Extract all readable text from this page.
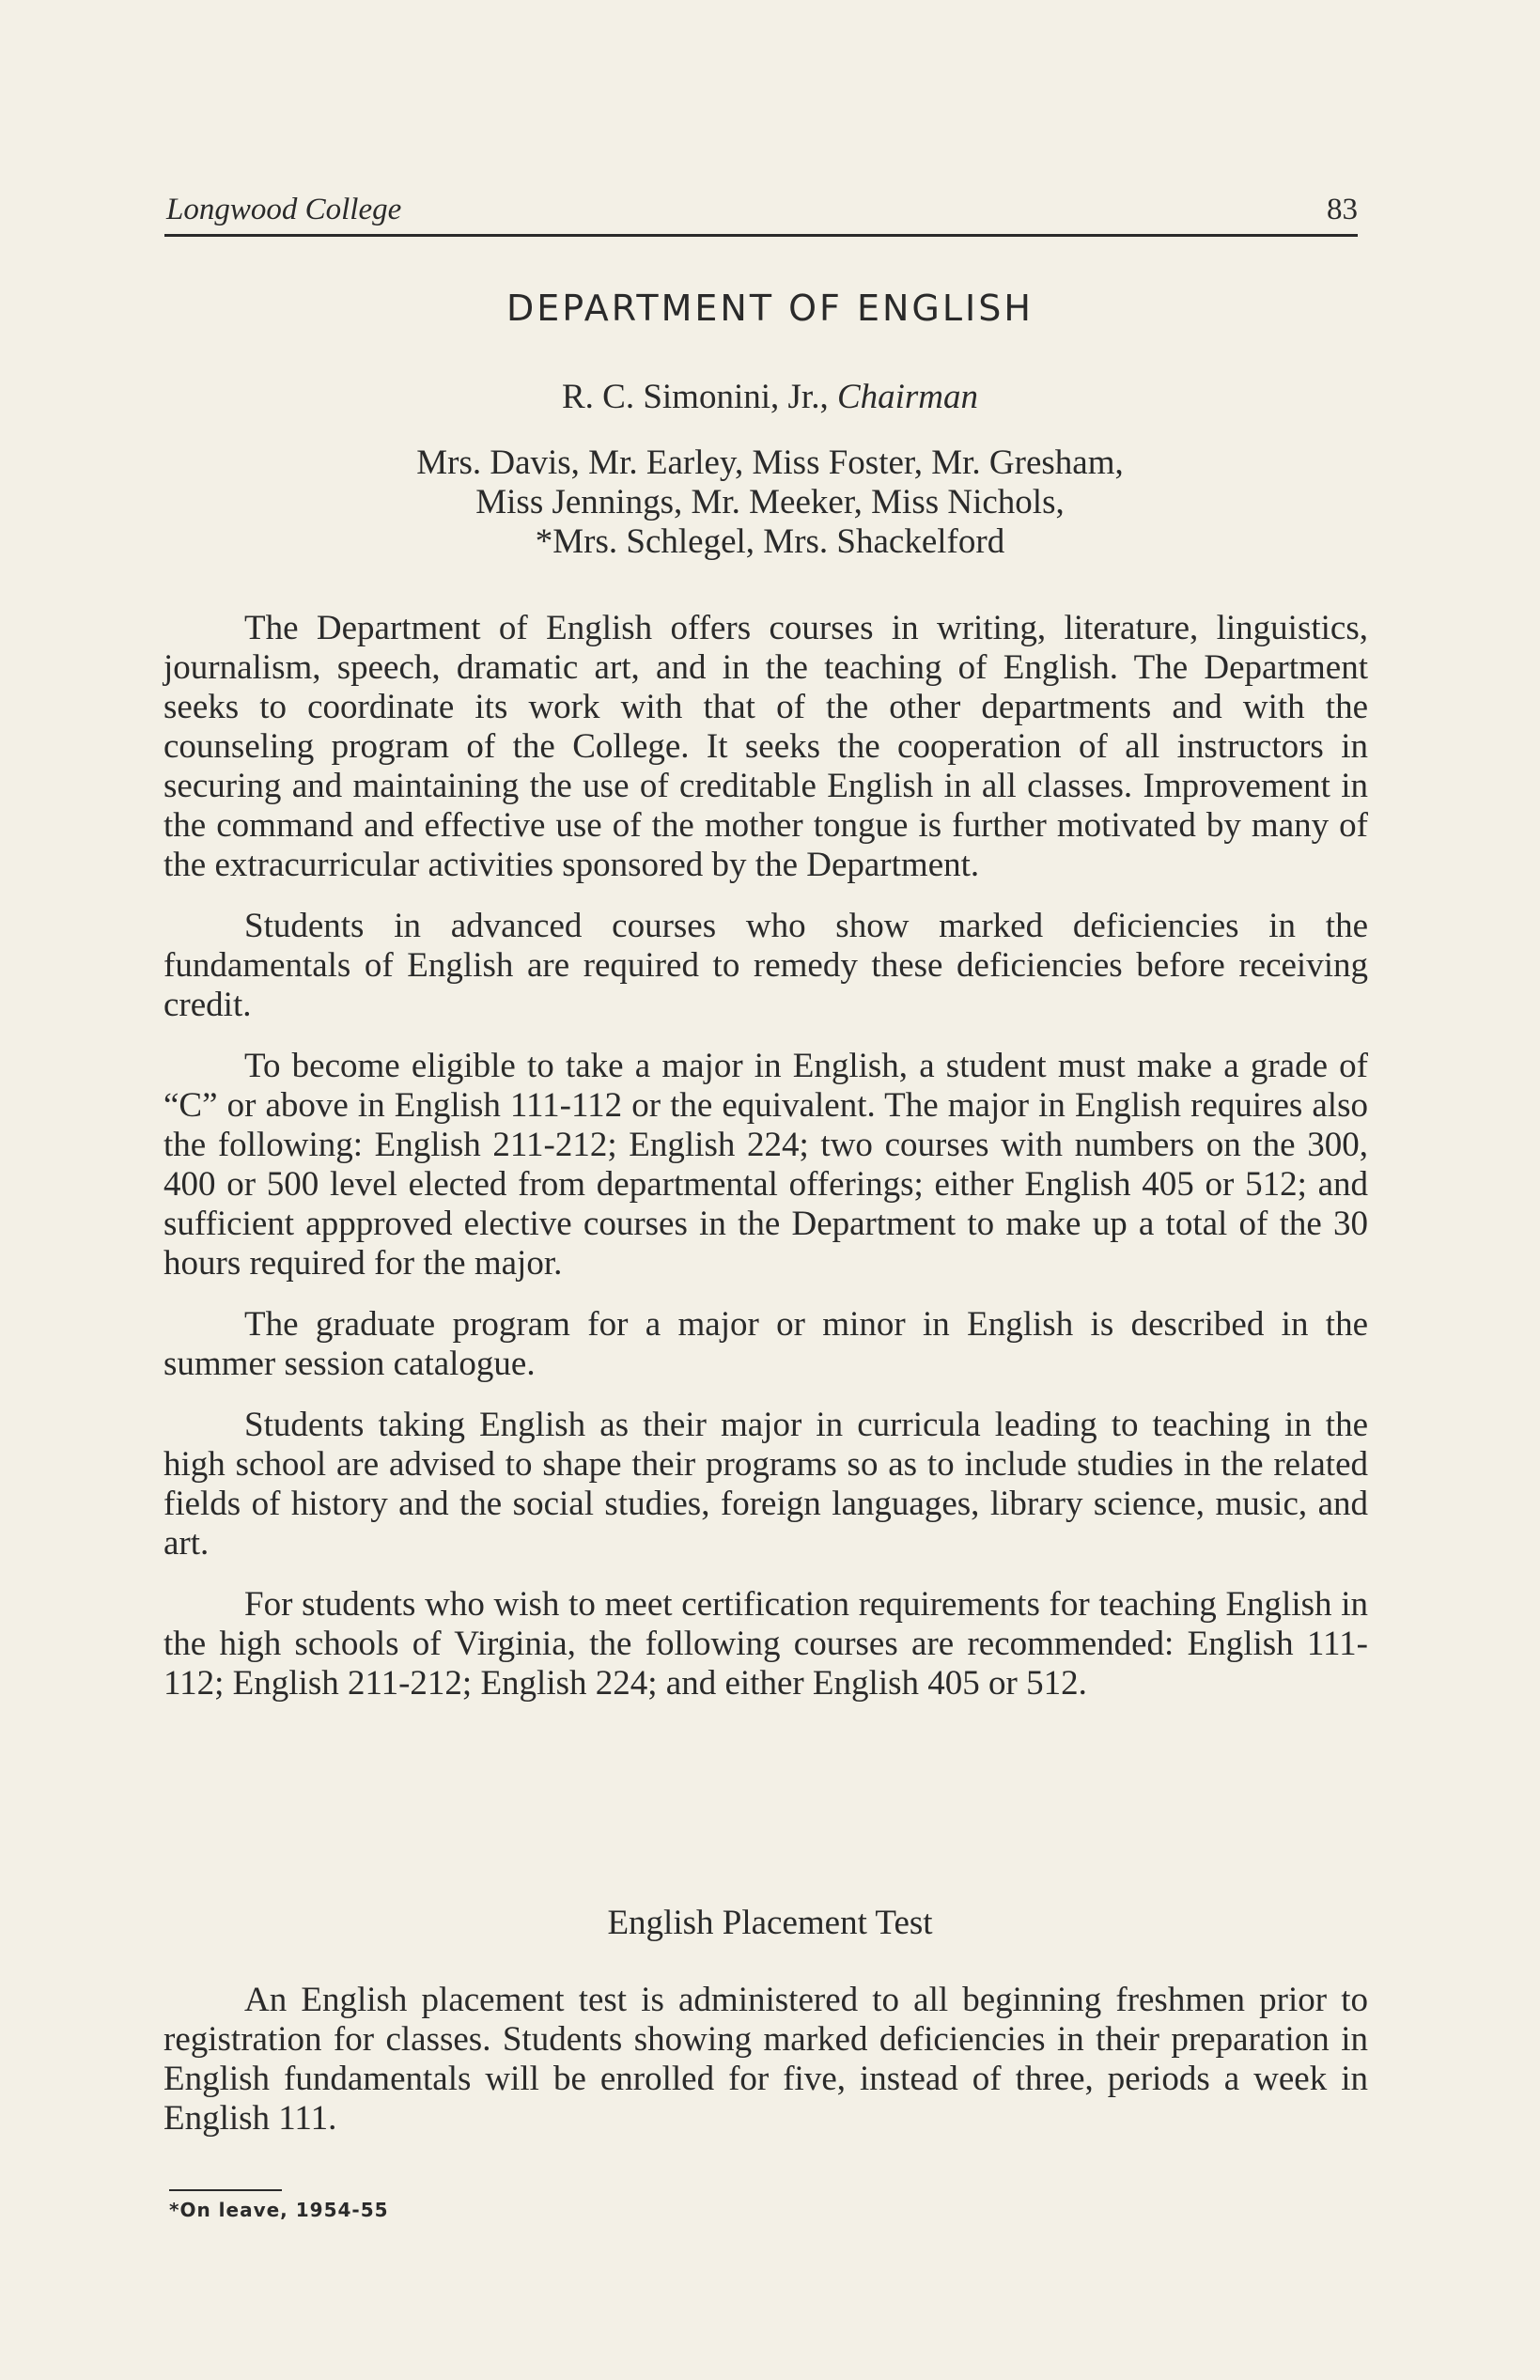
Longwood College	83
DEPARTMENT OF ENGLISH
R. C. Simonini, Jr., Chairman
Mrs. Davis, Mr. Earley, Miss Foster, Mr. Gresham,
Miss Jennings, Mr. Meeker, Miss Nichols,
*Mrs. Schlegel, Mrs. Shackelford

The Department of English offers courses in writing, literature, linguistics, journalism, speech, dramatic art, and in the teaching of English. The Department seeks to coordinate its work with that of the other departments and with the counseling program of the College. It seeks the cooperation of all instructors in securing and maintaining the use of creditable English in all classes. Improvement in the command and effective use of the mother tongue is further motivated by many of the extracurricular activities sponsored by the Department.

Students in advanced courses who show marked deficiencies in the fundamentals of English are required to remedy these deficiencies before receiving credit.

To become eligible to take a major in English, a student must make a grade of “C” or above in English 111-112 or the equivalent. The major in English requires also the following: English 211-212; English 224; two courses with numbers on the 300, 400 or 500 level elected from departmental offerings; either English 405 or 512; and sufficient appproved elective courses in the Department to make up a total of the 30 hours required for the major.

The graduate program for a major or minor in English is described in the summer session catalogue.

Students taking English as their major in curricula leading to teaching in the high school are advised to shape their programs so as to include studies in the related fields of history and the social studies, foreign languages, library science, music, and art.

For students who wish to meet certification requirements for teaching English in the high schools of Virginia, the following courses are recommended: English 111-112; English 211-212; English 224; and either English 405 or 512.

English Placement Test

An English placement test is administered to all beginning freshmen prior to registration for classes. Students showing marked deficiencies in their preparation in English fundamentals will be enrolled for five, instead of three, periods a week in English 111.

*On leave, 1954-55
